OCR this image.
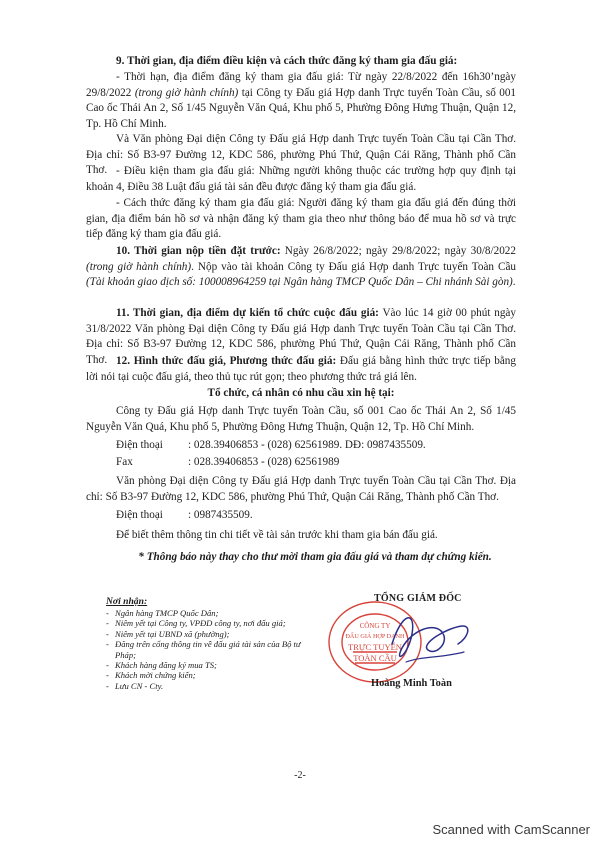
9. Thời gian, địa điểm điều kiện và cách thức đăng ký tham gia đấu giá:

- Thời hạn, địa điểm đăng ký tham gia đấu giá: Từ ngày 22/8/2022 đến 16h30’ngày 29/8/2022 (trong giờ hành chính) tại Công ty Đấu giá Hợp danh Trực tuyến Toàn Cầu, số 001 Cao ốc Thái An 2, Số 1/45 Nguyễn Văn Quá, Khu phố 5, Phường Đông Hưng Thuận, Quận 12, Tp. Hồ Chí Minh.

Và Văn phòng Đại diện Công ty Đấu giá Hợp danh Trực tuyến Toàn Cầu tại Cần Thơ. Địa chỉ: Số B3-97 Đường 12, KDC 586, phường Phú Thứ, Quận Cái Răng, Thành phố Cần Thơ. - Điều kiện tham gia đấu giá: Những người không thuộc các trường hợp quy định tại khoản 4, Điều 38 Luật đấu giá tài sản đều được đăng ký tham gia đấu giá.

- Cách thức đăng ký tham gia đấu giá: Người đăng ký tham gia đấu giá đến đúng thời gian, địa điểm bán hồ sơ và nhận đăng ký tham gia theo như thông báo để mua hồ sơ và trực tiếp đăng ký tham gia đấu giá.

10. Thời gian nộp tiền đặt trước: Ngày 26/8/2022; ngày 29/8/2022; ngày 30/8/2022 (trong giờ hành chính). Nộp vào tài khoản Công ty Đấu giá Hợp danh Trực tuyến Toàn Cầu (Tài khoản giao dịch số: 100008964259 tại Ngân hàng TMCP Quốc Dân – Chi nhánh Sài gòn).

11. Thời gian, địa điểm dự kiến tổ chức cuộc đấu giá: Vào lúc 14 giờ 00 phút ngày 31/8/2022 Văn phòng Đại diện Công ty Đấu giá Hợp danh Trực tuyến Toàn Cầu tại Cần Thơ. Địa chỉ: Số B3-97 Đường 12, KDC 586, phường Phú Thứ, Quận Cái Răng, Thành phố Cần Thơ. 12. Hình thức đấu giá, Phương thức đấu giá: Đấu giá bằng hình thức trực tiếp bằng lời nói tại cuộc đấu giá, theo thủ tục rút gọn; theo phương thức trả giá lên.

Tổ chức, cá nhân có nhu cầu xin hệ tại:

Công ty Đấu giá Hợp danh Trực tuyến Toàn Cầu, số 001 Cao ốc Thái An 2, Số 1/45 Nguyễn Văn Quá, Khu phố 5, Phường Đông Hưng Thuận, Quận 12, Tp. Hồ Chí Minh.

Điện thoại : 028.39406853 - (028) 62561989. DĐ: 0987435509.
Fax	: 028.39406853 - (028) 62561989

Văn phòng Đại diện Công ty Đấu giá Hợp danh Trực tuyến Toàn Cầu tại Cần Thơ. Địa chỉ: Số B3-97 Đường 12, KDC 586, phường Phú Thứ, Quận Cái Răng, Thành phố Cần Thơ.

Điện thoại : 0987435509.

Để biết thêm thông tin chi tiết về tài sản trước khi tham gia bán đấu giá.

* Thông báo này thay cho thư mời tham gia đấu giá và tham dự chứng kiến.

Nơi nhận:
- Ngân hàng TMCP Quốc Dân;
- Niêm yết tại Công ty, VPĐD công ty, nơi đấu giá;
- Niêm yết tại UBND xã (phường);
- Đăng trên cổng thông tin về đấu giá tài sản của Bộ tư Pháp;
- Khách hàng đăng ký mua TS;
- Khách mời chứng kiến;
- Lưu CN - Cty.
TỔNG GIÁM ĐỐC
CÔNG TY
ĐẤU GIÁ HỢP DANH
TRỰC TUYẾN
TOÀN CẦU
Hoàng Minh Toàn
-2-
Scanned with CamScanner
